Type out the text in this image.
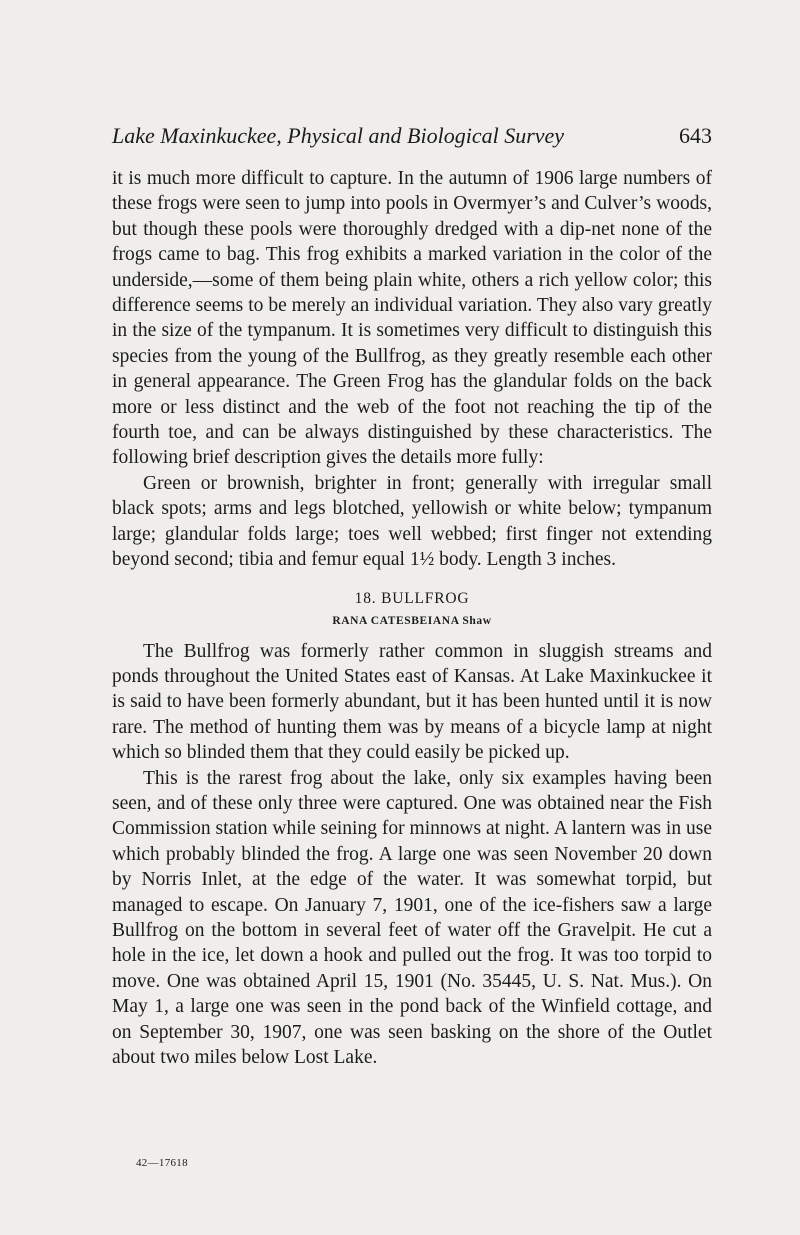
Lake Maxinkuckee, Physical and Biological Survey	643

it is much more difficult to capture. In the autumn of 1906 large numbers of these frogs were seen to jump into pools in Overmyer’s and Culver’s woods, but though these pools were thoroughly dredged with a dip-net none of the frogs came to bag. This frog exhibits a marked variation in the color of the underside,—some of them being plain white, others a rich yellow color; this difference seems to be merely an individual variation. They also vary greatly in the size of the tympanum. It is sometimes very difficult to distinguish this species from the young of the Bullfrog, as they greatly resemble each other in general appearance. The Green Frog has the glandular folds on the back more or less distinct and the web of the foot not reaching the tip of the fourth toe, and can be always distinguished by these characteristics. The following brief description gives the details more fully:

Green or brownish, brighter in front; generally with irregular small black spots; arms and legs blotched, yellowish or white below; tympanum large; glandular folds large; toes well webbed; first finger not extending beyond second; tibia and femur equal 1½ body. Length 3 inches.

18. BULLFROG
RANA CATESBEIANA Shaw

The Bullfrog was formerly rather common in sluggish streams and ponds throughout the United States east of Kansas. At Lake Maxinkuckee it is said to have been formerly abundant, but it has been hunted until it is now rare. The method of hunting them was by means of a bicycle lamp at night which so blinded them that they could easily be picked up.

This is the rarest frog about the lake, only six examples having been seen, and of these only three were captured. One was obtained near the Fish Commission station while seining for minnows at night. A lantern was in use which probably blinded the frog. A large one was seen November 20 down by Norris Inlet, at the edge of the water. It was somewhat torpid, but managed to escape. On January 7, 1901, one of the ice-fishers saw a large Bullfrog on the bottom in several feet of water off the Gravelpit. He cut a hole in the ice, let down a hook and pulled out the frog. It was too torpid to move. One was obtained April 15, 1901 (No. 35445, U. S. Nat. Mus.). On May 1, a large one was seen in the pond back of the Winfield cottage, and on September 30, 1907, one was seen basking on the shore of the Outlet about two miles below Lost Lake.

42—17618
